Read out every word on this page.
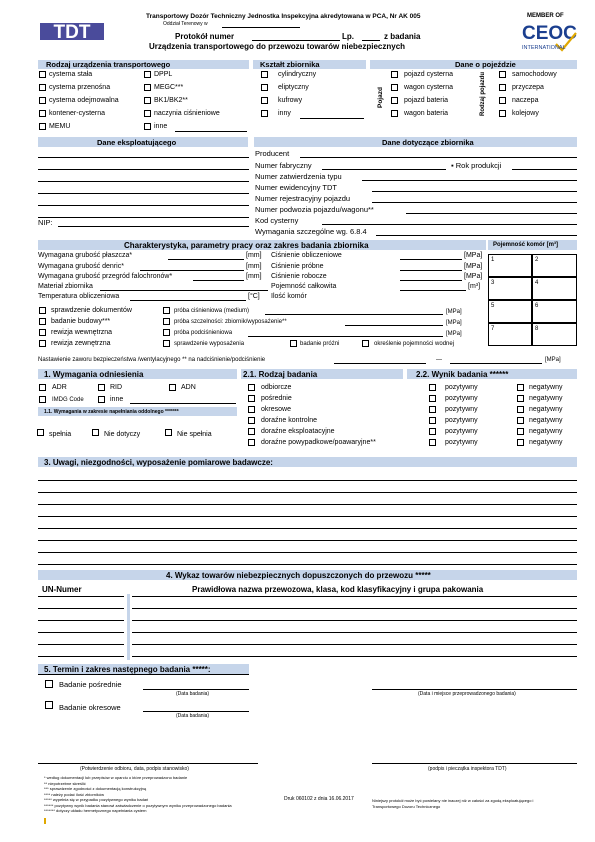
TDT
Transportowy Dozór Techniczny Jednostka Inspekcyjna akredytowana w PCA, Nr AK 005
Oddział Terenowy w
Protokół numer	Lp.	z badania
Urządzenia transportowego do przewozu towarów niebezpiecznych
MEMBER OF
CEOC
INTERNATIONAL
Rodzaj urządzenia transportowego	Kształt zbiornika	Dane o pojeździe
cysterna stała
cysterna przenośna
cysterna odejmowalna
kontener-cysterna
MEMU
DPPL
MEGC***
BK1/BK2**
naczynia ciśnieniowe
inne
cylindryczny
eliptyczny
kufrowy
inny
Pojazd	Rodzaj pojazdu
pojazd cysterna
wagon cysterna
pojazd bateria
wagon bateria
samochodowy
przyczepa
naczepa
kolejowy
Dane eksploatującego	Dane dotyczące zbiornika
NIP:
Producent
Numer fabryczny	▪ Rok produkcji
Numer zatwierdzenia typu
Numer ewidencyjny TDT
Numer rejestracyjny pojazdu
Numer podwozia pojazdu/wagonu**
Kod cysterny
Wymagania szczególne wg. 6.8.4
Charakterystyka, parametry pracy oraz zakres badania zbiornika	Pojemność komór [m³]
Wymagana grubość płaszcza*	[mm]
Wymagana grubość denric*	[mm]
Wymagana grubość przegród falochronów*	[mm]
Materiał zbiornika
Temperatura obliczeniowa	[°C]
Ciśnienie obliczeniowe	[MPa]
Ciśnienie próbne	[MPa]
Ciśnienie robocze	[MPa]
Pojemność całkowita	[m³]
Ilość komór
1	2
3	4
5	6
7	8
sprawdzenie dokumentów
badanie budowy***
rewizja wewnętrzna
rewizja zewnętrzna
próba ciśnieniowa (medium)	[MPa]
próba szczelności: zbiornik/wyposażenie**	[MPa]
próba podciśnieniowa	[MPa]
sprawdzenie wyposażenia	badanie próżni	określenie pojemności wodnej
Nastawienie zaworu bezpieczeństwa /wentylacyjnego ** na nadciśnienie/podciśnienie	—	[MPa]
1. Wymagania odniesienia	2.1. Rodzaj badania	2.2. Wynik badania ******
ADR	RID	ADN
IMDG Code	inne
1.1. Wymagania w zakresie napełniania oddolnego *******
spełnia	Nie dotyczy	Nie spełnia
3. Uwagi, niezgodności, wyposażenie pomiarowe badawcze:
4. Wykaz towarów niebezpiecznych dopuszczonych do przewozu *****
UN-Numer	Prawidłowa nazwa przewozowa, klasa, kod klasyfikacyjny i grupa pakowania
5. Termin i zakres następnego badania *****:
Badanie pośrednie
(Data badania)
Badanie okresowe
(Data badania)
(Data i miejsce przeprowadzonego badania)
(Potwierdzenie odbioru, data, podpis stanowisko)	(podpis i pieczątka inspektora TDT)
* według dokumentacji lub przepisów w oparciu o które przeprowadzono badanie
** niepotrzebne skreślić
*** sprawdzenie zgodności z dokumentacją konstrukcyjną
**** należy podać ilość zbiorników
***** wypełnia się w przypadku pozytywnego wyniku badań
****** pozytywny wynik badania stanowi zaświadczenie o pozytywnym wyniku przeprowadzonego badania
******* dotyczy układu hermetycznego napełniania cystern
Druk 060102 z dnia 16.06.2017	Niniejszy protokół może być powielany nie inaczej niż w całości za zgodą eksploatującego i Transportowego Dozoru Technicznego
odbiorcze	pozytywny	negatywny
pośrednie	pozytywny	negatywny
okresowe	pozytywny	negatywny
doraźne kontrolne	pozytywny	negatywny
doraźne eksploatacyjne	pozytywny	negatywny
doraźne powypadkowe/poawaryjne**	pozytywny	negatywny
